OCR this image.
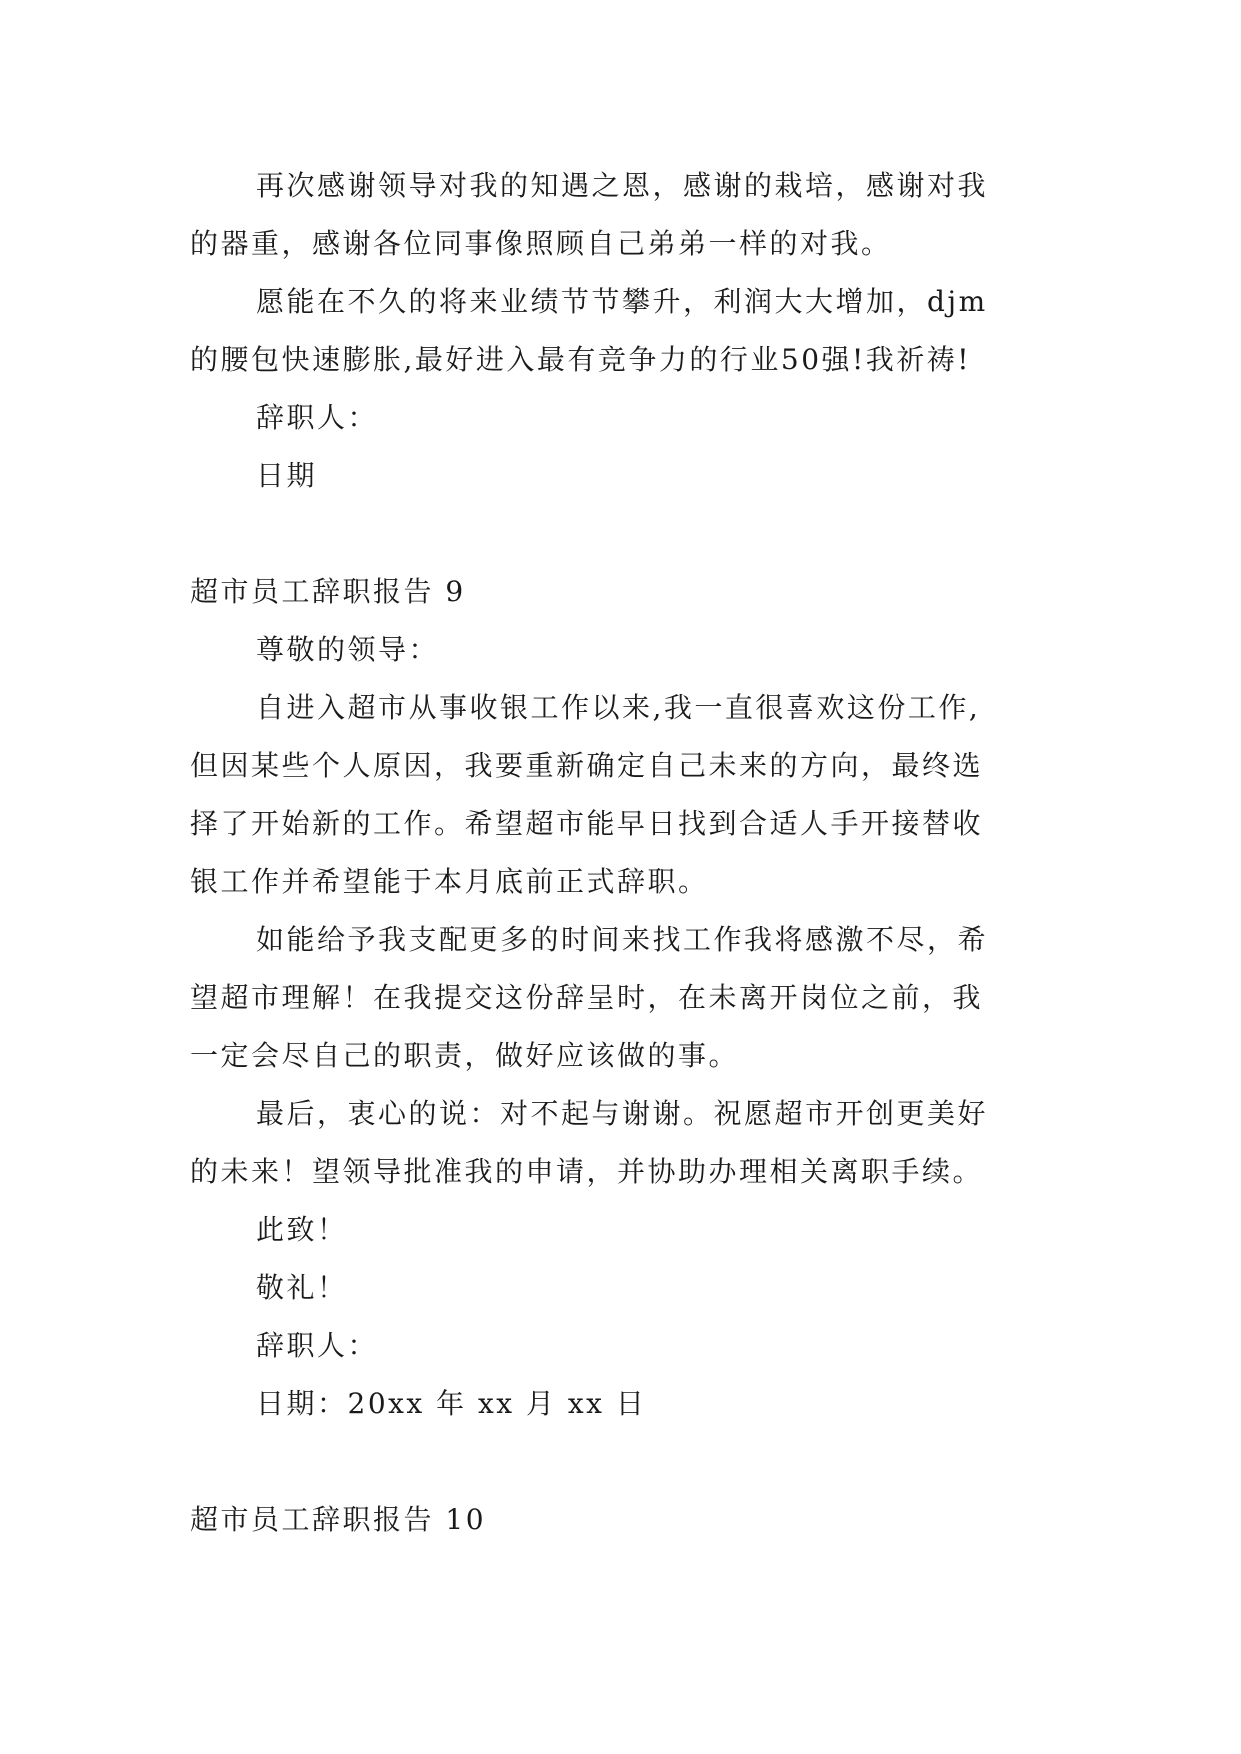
再次感谢领导对我的知遇之恩，感谢的栽培，感谢对我
的器重，感谢各位同事像照顾自己弟弟一样的对我。
愿能在不久的将来业绩节节攀升，利润大大增加，djm
的腰包快速膨胀,最好进入最有竞争力的行业50强!我祈祷!
辞职人：
日期
超市员工辞职报告 9
尊敬的领导：
自进入超市从事收银工作以来,我一直很喜欢这份工作,
但因某些个人原因，我要重新确定自己未来的方向，最终选
择了开始新的工作。希望超市能早日找到合适人手开接替收
银工作并希望能于本月底前正式辞职。
如能给予我支配更多的时间来找工作我将感激不尽，希
望超市理解！在我提交这份辞呈时，在未离开岗位之前，我
一定会尽自己的职责，做好应该做的事。
最后，衷心的说：对不起与谢谢。祝愿超市开创更美好
的未来！望领导批准我的申请，并协助办理相关离职手续。
此致！
敬礼！
辞职人：
日期：20xx 年 xx 月 xx 日
超市员工辞职报告 10
